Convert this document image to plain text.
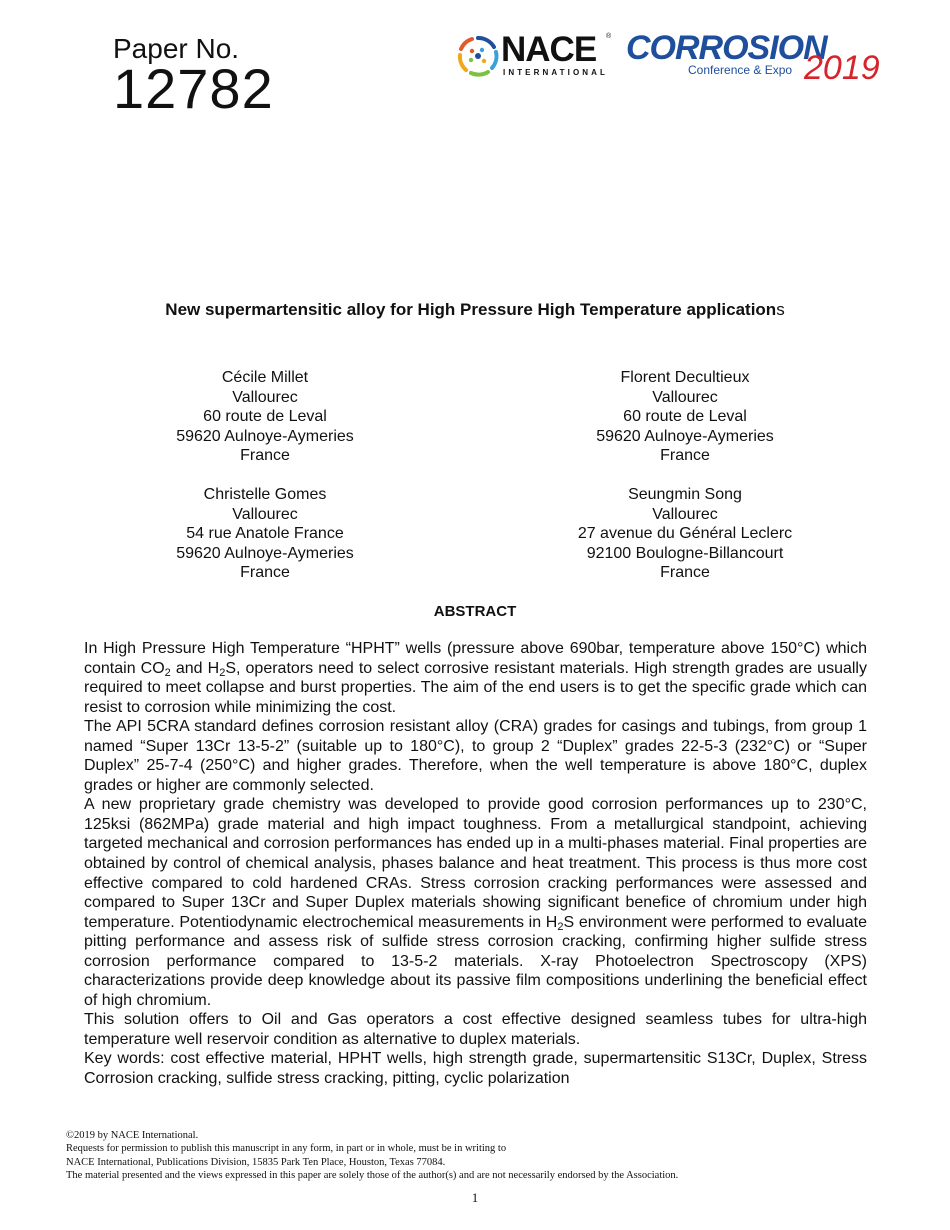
Paper No.
12782
NACE ®
INTERNATIONAL
CORROSION
Conference & Expo 2019
New supermartensitic alloy for High Pressure High Temperature applications
Cécile Millet
Vallourec
60 route de Leval
59620 Aulnoye-Aymeries
France
Florent Decultieux
Vallourec
60 route de Leval
59620 Aulnoye-Aymeries
France
Christelle Gomes
Vallourec
54 rue Anatole France
59620 Aulnoye-Aymeries
France
Seungmin Song
Vallourec
27 avenue du Général Leclerc
92100 Boulogne-Billancourt
France
ABSTRACT

In High Pressure High Temperature “HPHT” wells (pressure above 690bar, temperature above 150°C) which contain $CO_2$ and $H_2S$, operators need to select corrosive resistant materials. High strength grades are usually required to meet collapse and burst properties. The aim of the end users is to get the specific grade which can resist to corrosion while minimizing the cost.

The API 5CRA standard defines corrosion resistant alloy (CRA) grades for casings and tubings, from group 1 named “Super 13Cr 13-5-2” (suitable up to 180°C), to group 2 “Duplex” grades 22-5-3 (232°C) or “Super Duplex” 25-7-4 (250°C) and higher grades. Therefore, when the well temperature is above 180°C, duplex grades or higher are commonly selected.

A new proprietary grade chemistry was developed to provide good corrosion performances up to 230°C, 125ksi (862MPa) grade material and high impact toughness. From a metallurgical standpoint, achieving targeted mechanical and corrosion performances has ended up in a multi-phases material. Final properties are obtained by control of chemical analysis, phases balance and heat treatment. This process is thus more cost effective compared to cold hardened CRAs. Stress corrosion cracking performances were assessed and compared to Super 13Cr and Super Duplex materials showing significant benefice of chromium under high temperature. Potentiodynamic electrochemical measurements in $H_2S$ environment were performed to evaluate pitting performance and assess risk of sulfide stress corrosion cracking, confirming higher sulfide stress corrosion performance compared to 13-5-2 materials. X-ray Photoelectron Spectroscopy (XPS) characterizations provide deep knowledge about its passive film compositions underlining the beneficial effect of high chromium.

This solution offers to Oil and Gas operators a cost effective designed seamless tubes for ultra-high temperature well reservoir condition as alternative to duplex materials.

Key words: cost effective material, HPHT wells, high strength grade, supermartensitic S13Cr, Duplex, Stress Corrosion cracking, sulfide stress cracking, pitting, cyclic polarization

©2019 by NACE International.
Requests for permission to publish this manuscript in any form, in part or in whole, must be in writing to
NACE International, Publications Division, 15835 Park Ten Place, Houston, Texas 77084.
The material presented and the views expressed in this paper are solely those of the author(s) and are not necessarily endorsed by the Association.
1
